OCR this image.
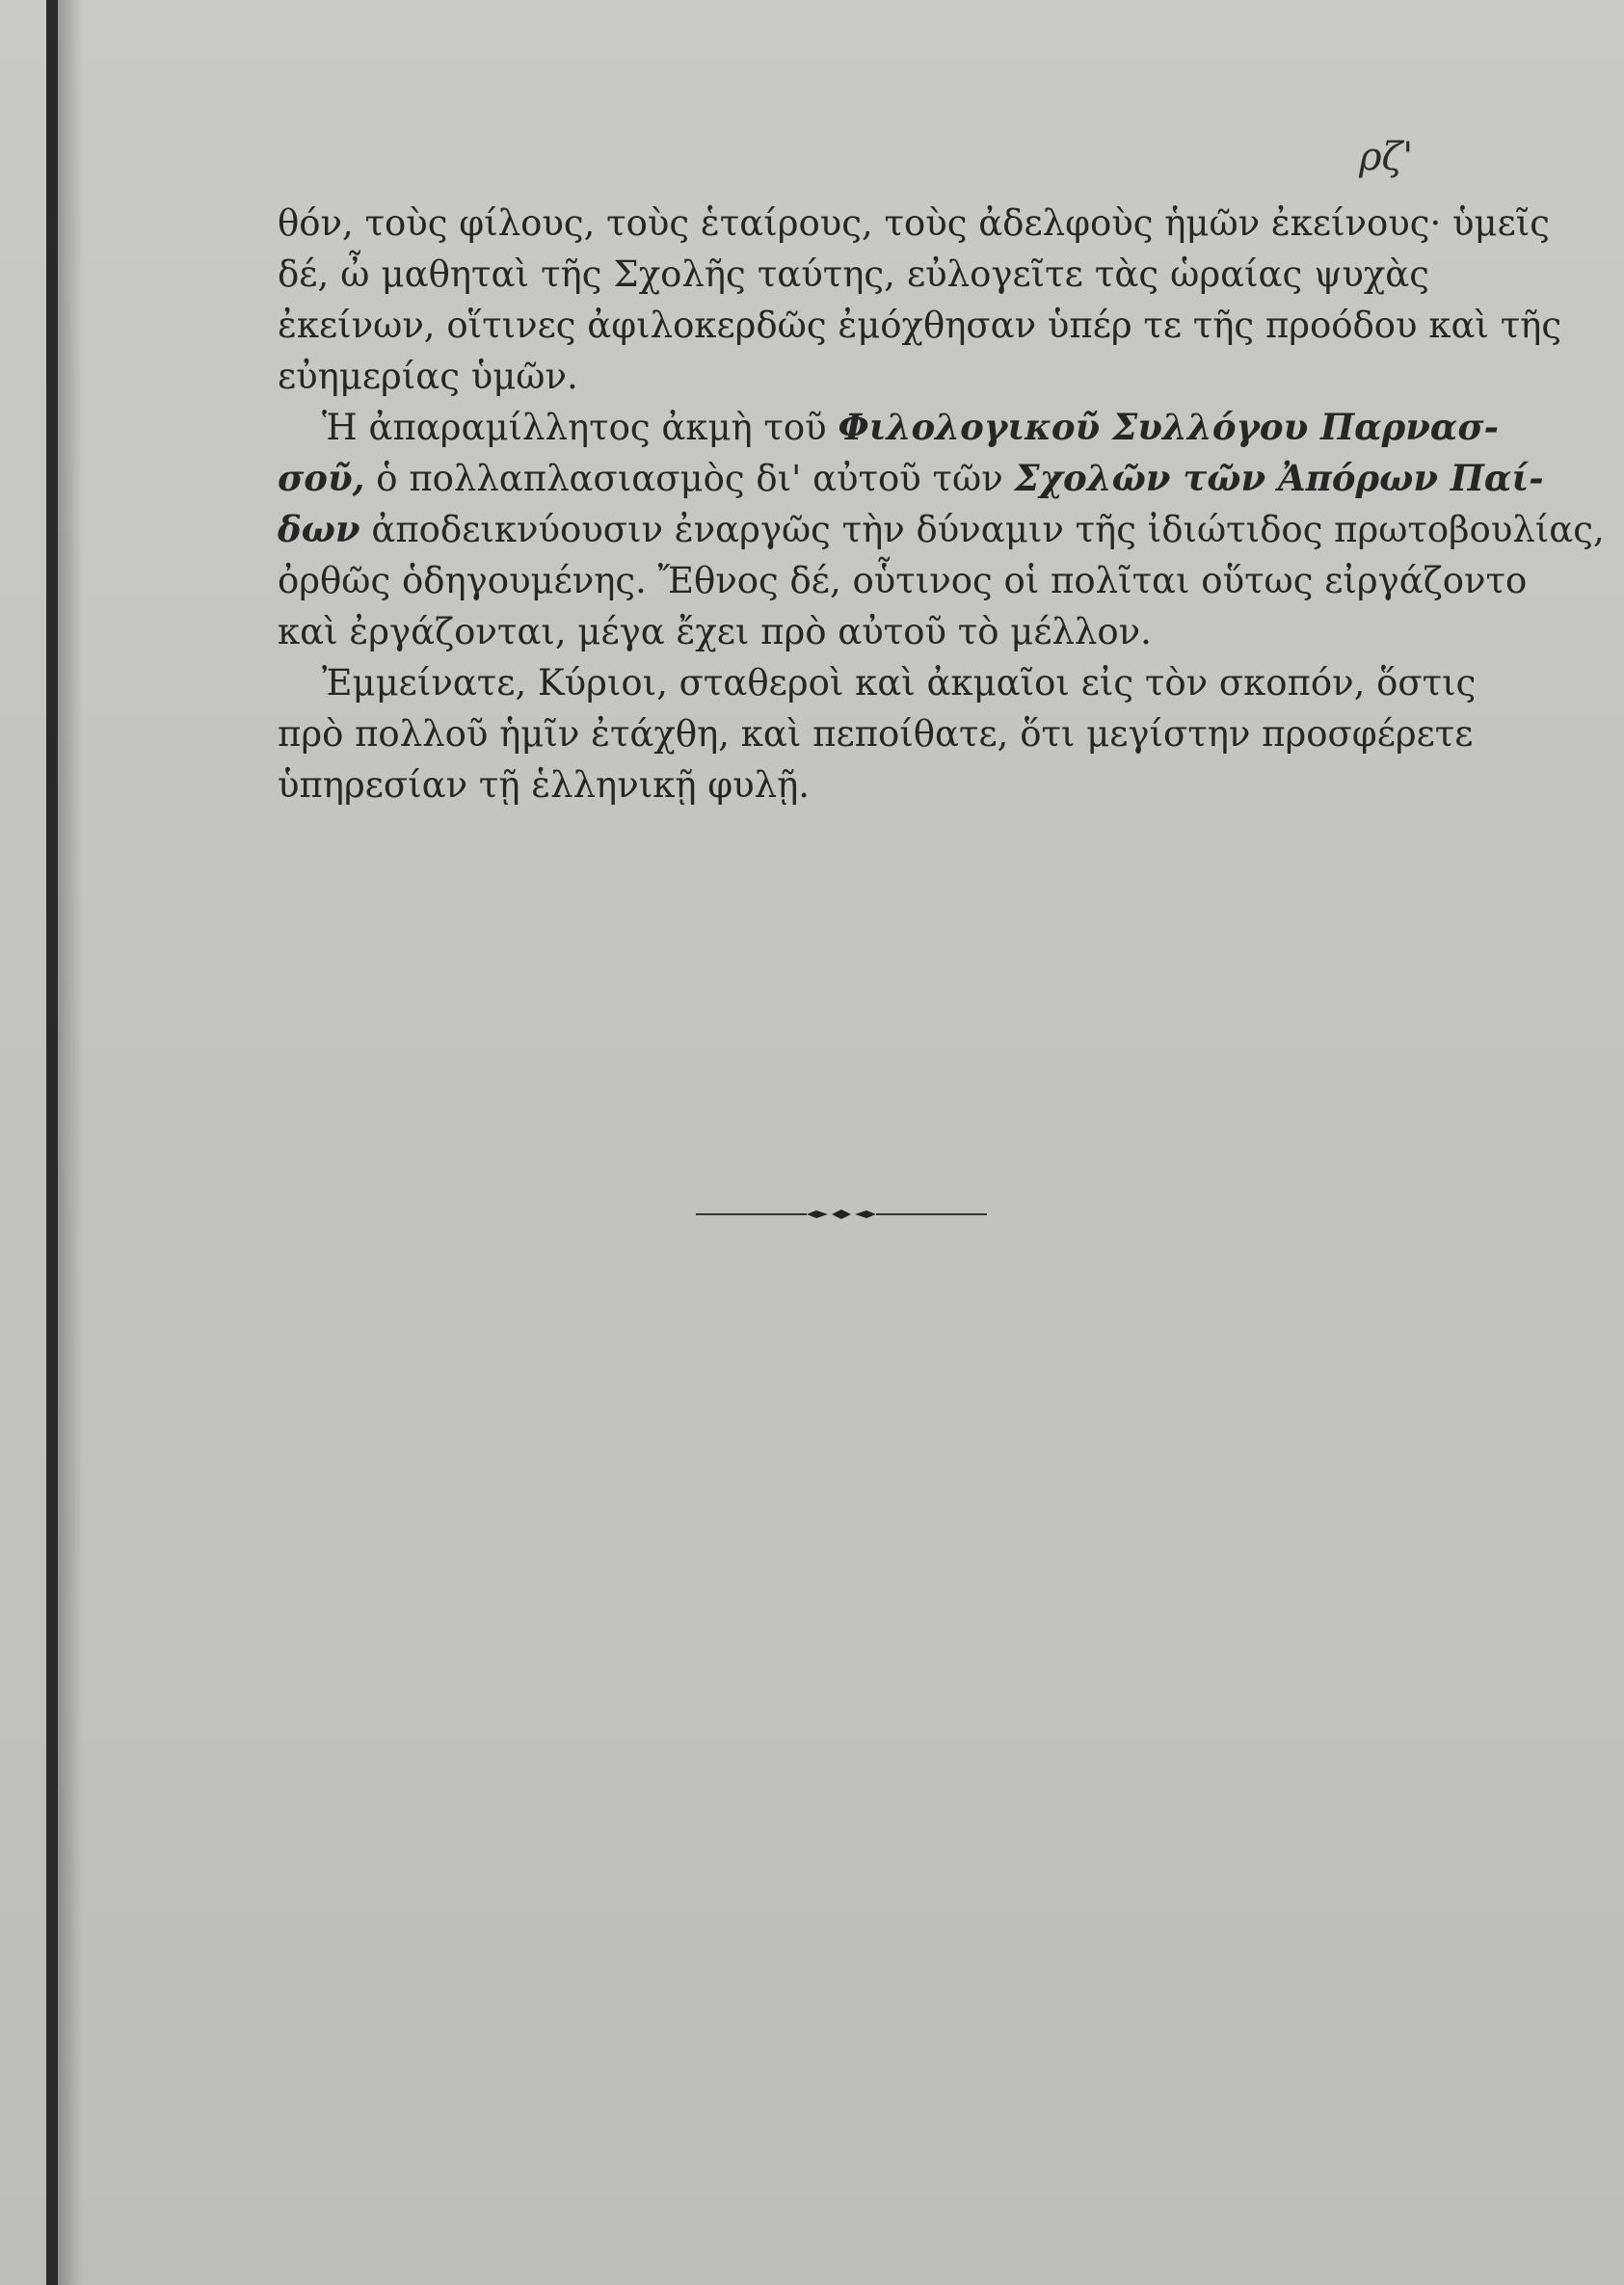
ρζ'
θόν, τοὺς φίλους, τοὺς ἑταίρους, τοὺς ἀδελφοὺς ἡμῶν ἐκείνους· ὑμεῖς
δέ, ὦ μαθηταὶ τῆς Σχολῆς ταύτης, εὐλογεῖτε τὰς ὡραίας ψυχὰς
ἐκείνων, οἵτινες ἀφιλοκερδῶς ἐμόχθησαν ὑπέρ τε τῆς προόδου καὶ τῆς
εὐημερίας ὑμῶν.
Ἡ ἀπαραμίλλητος ἀκμὴ τοῦ Φιλολογικοῦ Συλλόγου Παρνασ-
σοῦ, ὁ πολλαπλασιασμὸς δι' αὐτοῦ τῶν Σχολῶν τῶν Ἀπόρων Παί-
δων ἀποδεικνύουσιν ἐναργῶς τὴν δύναμιν τῆς ἰδιώτιδος πρωτοβουλίας,
ὀρθῶς ὁδηγουμένης. Ἔθνος δέ, οὗτινος οἱ πολῖται οὕτως εἰργάζοντο
καὶ ἐργάζονται, μέγα ἔχει πρὸ αὐτοῦ τὸ μέλλον.
Ἐμμείνατε, Κύριοι, σταθεροὶ καὶ ἀκμαῖοι εἰς τὸν σκοπόν, ὅστις
πρὸ πολλοῦ ἡμῖν ἐτάχθη, καὶ πεποίθατε, ὅτι μεγίστην προσφέρετε
ὑπηρεσίαν τῇ ἑλληνικῇ φυλῇ.
